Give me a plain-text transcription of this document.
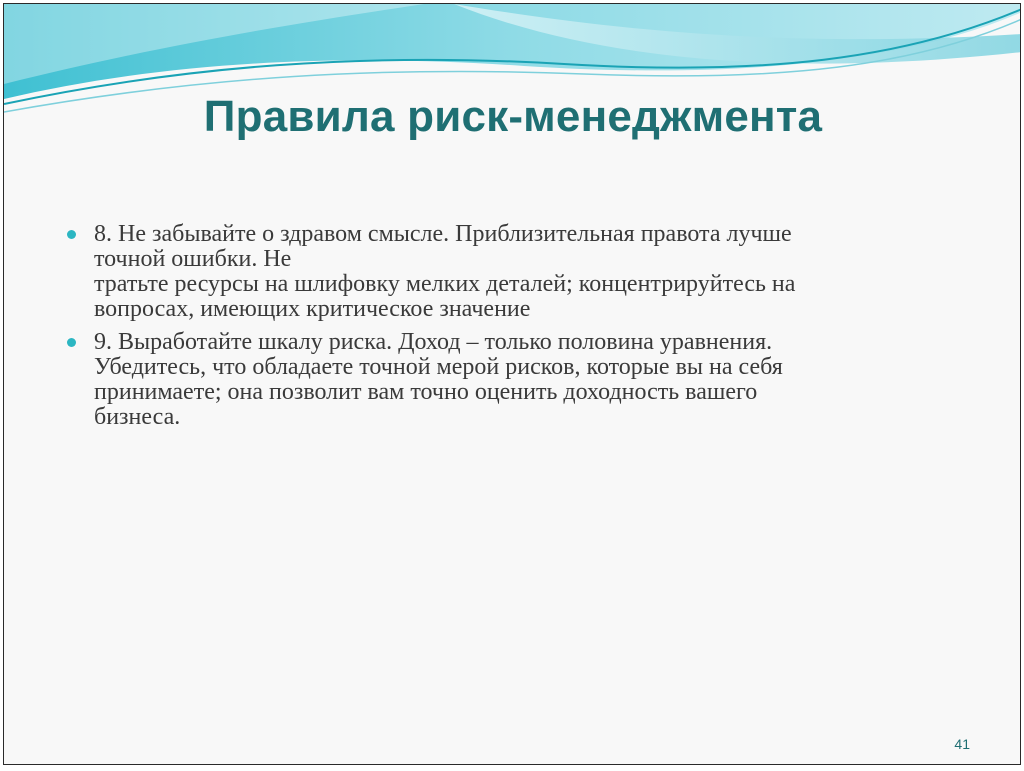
Правила риск-менеджмента
8. Не забывайте о здравом смысле. Приблизительная правота лучше
точной ошибки. Не
тратьте ресурсы на шлифовку мелких деталей; концентрируйтесь на
вопросах, имеющих критическое значение
9. Выработайте шкалу риска. Доход – только половина уравнения.
Убедитесь, что обладаете точной мерой рисков, которые вы на себя
принимаете; она позволит вам точно оценить доходность вашего
бизнеса.
41
